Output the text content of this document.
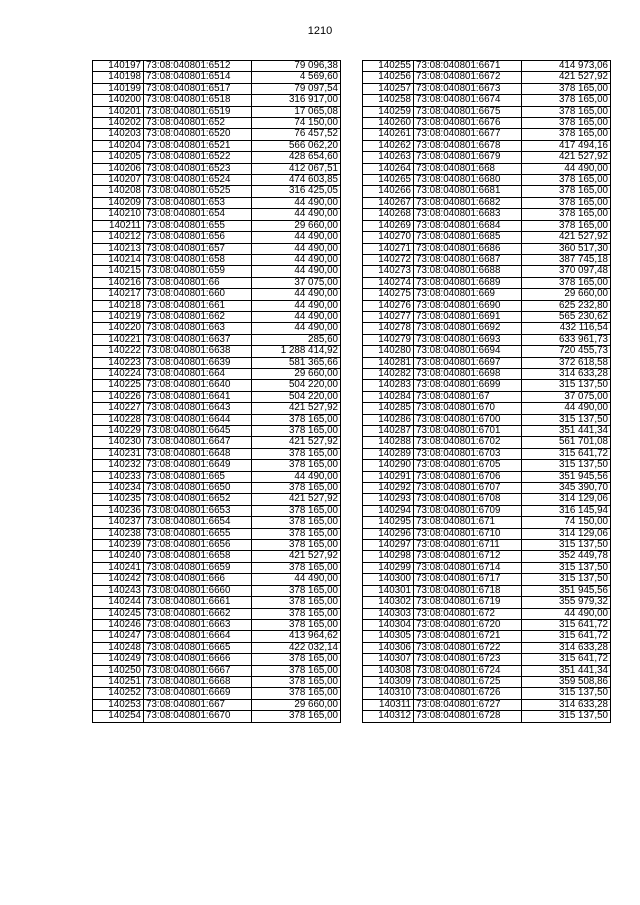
1210
140197	73:08:040801:6512	79 096,38
140198	73:08:040801:6514	4 569,60
140199	73:08:040801:6517	79 097,54
140200	73:08:040801:6518	316 917,00
140201	73:08:040801:6519	17 065,08
140202	73:08:040801:652	74 150,00
140203	73:08:040801:6520	76 457,52
140204	73:08:040801:6521	566 062,20
140205	73:08:040801:6522	428 654,60
140206	73:08:040801:6523	412 067,51
140207	73:08:040801:6524	474 603,85
140208	73:08:040801:6525	316 425,05
140209	73:08:040801:653	44 490,00
140210	73:08:040801:654	44 490,00
140211	73:08:040801:655	29 660,00
140212	73:08:040801:656	44 490,00
140213	73:08:040801:657	44 490,00
140214	73:08:040801:658	44 490,00
140215	73:08:040801:659	44 490,00
140216	73:08:040801:66	37 075,00
140217	73:08:040801:660	44 490,00
140218	73:08:040801:661	44 490,00
140219	73:08:040801:662	44 490,00
140220	73:08:040801:663	44 490,00
140221	73:08:040801:6637	285,60
140222	73:08:040801:6638	1 288 414,92
140223	73:08:040801:6639	581 365,66
140224	73:08:040801:664	29 660,00
140225	73:08:040801:6640	504 220,00
140226	73:08:040801:6641	504 220,00
140227	73:08:040801:6643	421 527,92
140228	73:08:040801:6644	378 165,00
140229	73:08:040801:6645	378 165,00
140230	73:08:040801:6647	421 527,92
140231	73:08:040801:6648	378 165,00
140232	73:08:040801:6649	378 165,00
140233	73:08:040801:665	44 490,00
140234	73:08:040801:6650	378 165,00
140235	73:08:040801:6652	421 527,92
140236	73:08:040801:6653	378 165,00
140237	73:08:040801:6654	378 165,00
140238	73:08:040801:6655	378 165,00
140239	73:08:040801:6656	378 165,00
140240	73:08:040801:6658	421 527,92
140241	73:08:040801:6659	378 165,00
140242	73:08:040801:666	44 490,00
140243	73:08:040801:6660	378 165,00
140244	73:08:040801:6661	378 165,00
140245	73:08:040801:6662	378 165,00
140246	73:08:040801:6663	378 165,00
140247	73:08:040801:6664	413 964,62
140248	73:08:040801:6665	422 032,14
140249	73:08:040801:6666	378 165,00
140250	73:08:040801:6667	378 165,00
140251	73:08:040801:6668	378 165,00
140252	73:08:040801:6669	378 165,00
140253	73:08:040801:667	29 660,00
140254	73:08:040801:6670	378 165,00
140255	73:08:040801:6671	414 973,06
140256	73:08:040801:6672	421 527,92
140257	73:08:040801:6673	378 165,00
140258	73:08:040801:6674	378 165,00
140259	73:08:040801:6675	378 165,00
140260	73:08:040801:6676	378 165,00
140261	73:08:040801:6677	378 165,00
140262	73:08:040801:6678	417 494,16
140263	73:08:040801:6679	421 527,92
140264	73:08:040801:668	44 490,00
140265	73:08:040801:6680	378 165,00
140266	73:08:040801:6681	378 165,00
140267	73:08:040801:6682	378 165,00
140268	73:08:040801:6683	378 165,00
140269	73:08:040801:6684	378 165,00
140270	73:08:040801:6685	421 527,92
140271	73:08:040801:6686	360 517,30
140272	73:08:040801:6687	387 745,18
140273	73:08:040801:6688	370 097,48
140274	73:08:040801:6689	378 165,00
140275	73:08:040801:669	29 660,00
140276	73:08:040801:6690	625 232,80
140277	73:08:040801:6691	565 230,62
140278	73:08:040801:6692	432 116,54
140279	73:08:040801:6693	633 961,73
140280	73:08:040801:6694	720 455,73
140281	73:08:040801:6697	372 618,58
140282	73:08:040801:6698	314 633,28
140283	73:08:040801:6699	315 137,50
140284	73:08:040801:67	37 075,00
140285	73:08:040801:670	44 490,00
140286	73:08:040801:6700	315 137,50
140287	73:08:040801:6701	351 441,34
140288	73:08:040801:6702	561 701,08
140289	73:08:040801:6703	315 641,72
140290	73:08:040801:6705	315 137,50
140291	73:08:040801:6706	351 945,56
140292	73:08:040801:6707	345 390,70
140293	73:08:040801:6708	314 129,06
140294	73:08:040801:6709	316 145,94
140295	73:08:040801:671	74 150,00
140296	73:08:040801:6710	314 129,06
140297	73:08:040801:6711	315 137,50
140298	73:08:040801:6712	352 449,78
140299	73:08:040801:6714	315 137,50
140300	73:08:040801:6717	315 137,50
140301	73:08:040801:6718	351 945,56
140302	73:08:040801:6719	355 979,32
140303	73:08:040801:672	44 490,00
140304	73:08:040801:6720	315 641,72
140305	73:08:040801:6721	315 641,72
140306	73:08:040801:6722	314 633,28
140307	73:08:040801:6723	315 641,72
140308	73:08:040801:6724	351 441,34
140309	73:08:040801:6725	359 508,86
140310	73:08:040801:6726	315 137,50
140311	73:08:040801:6727	314 633,28
140312	73:08:040801:6728	315 137,50
